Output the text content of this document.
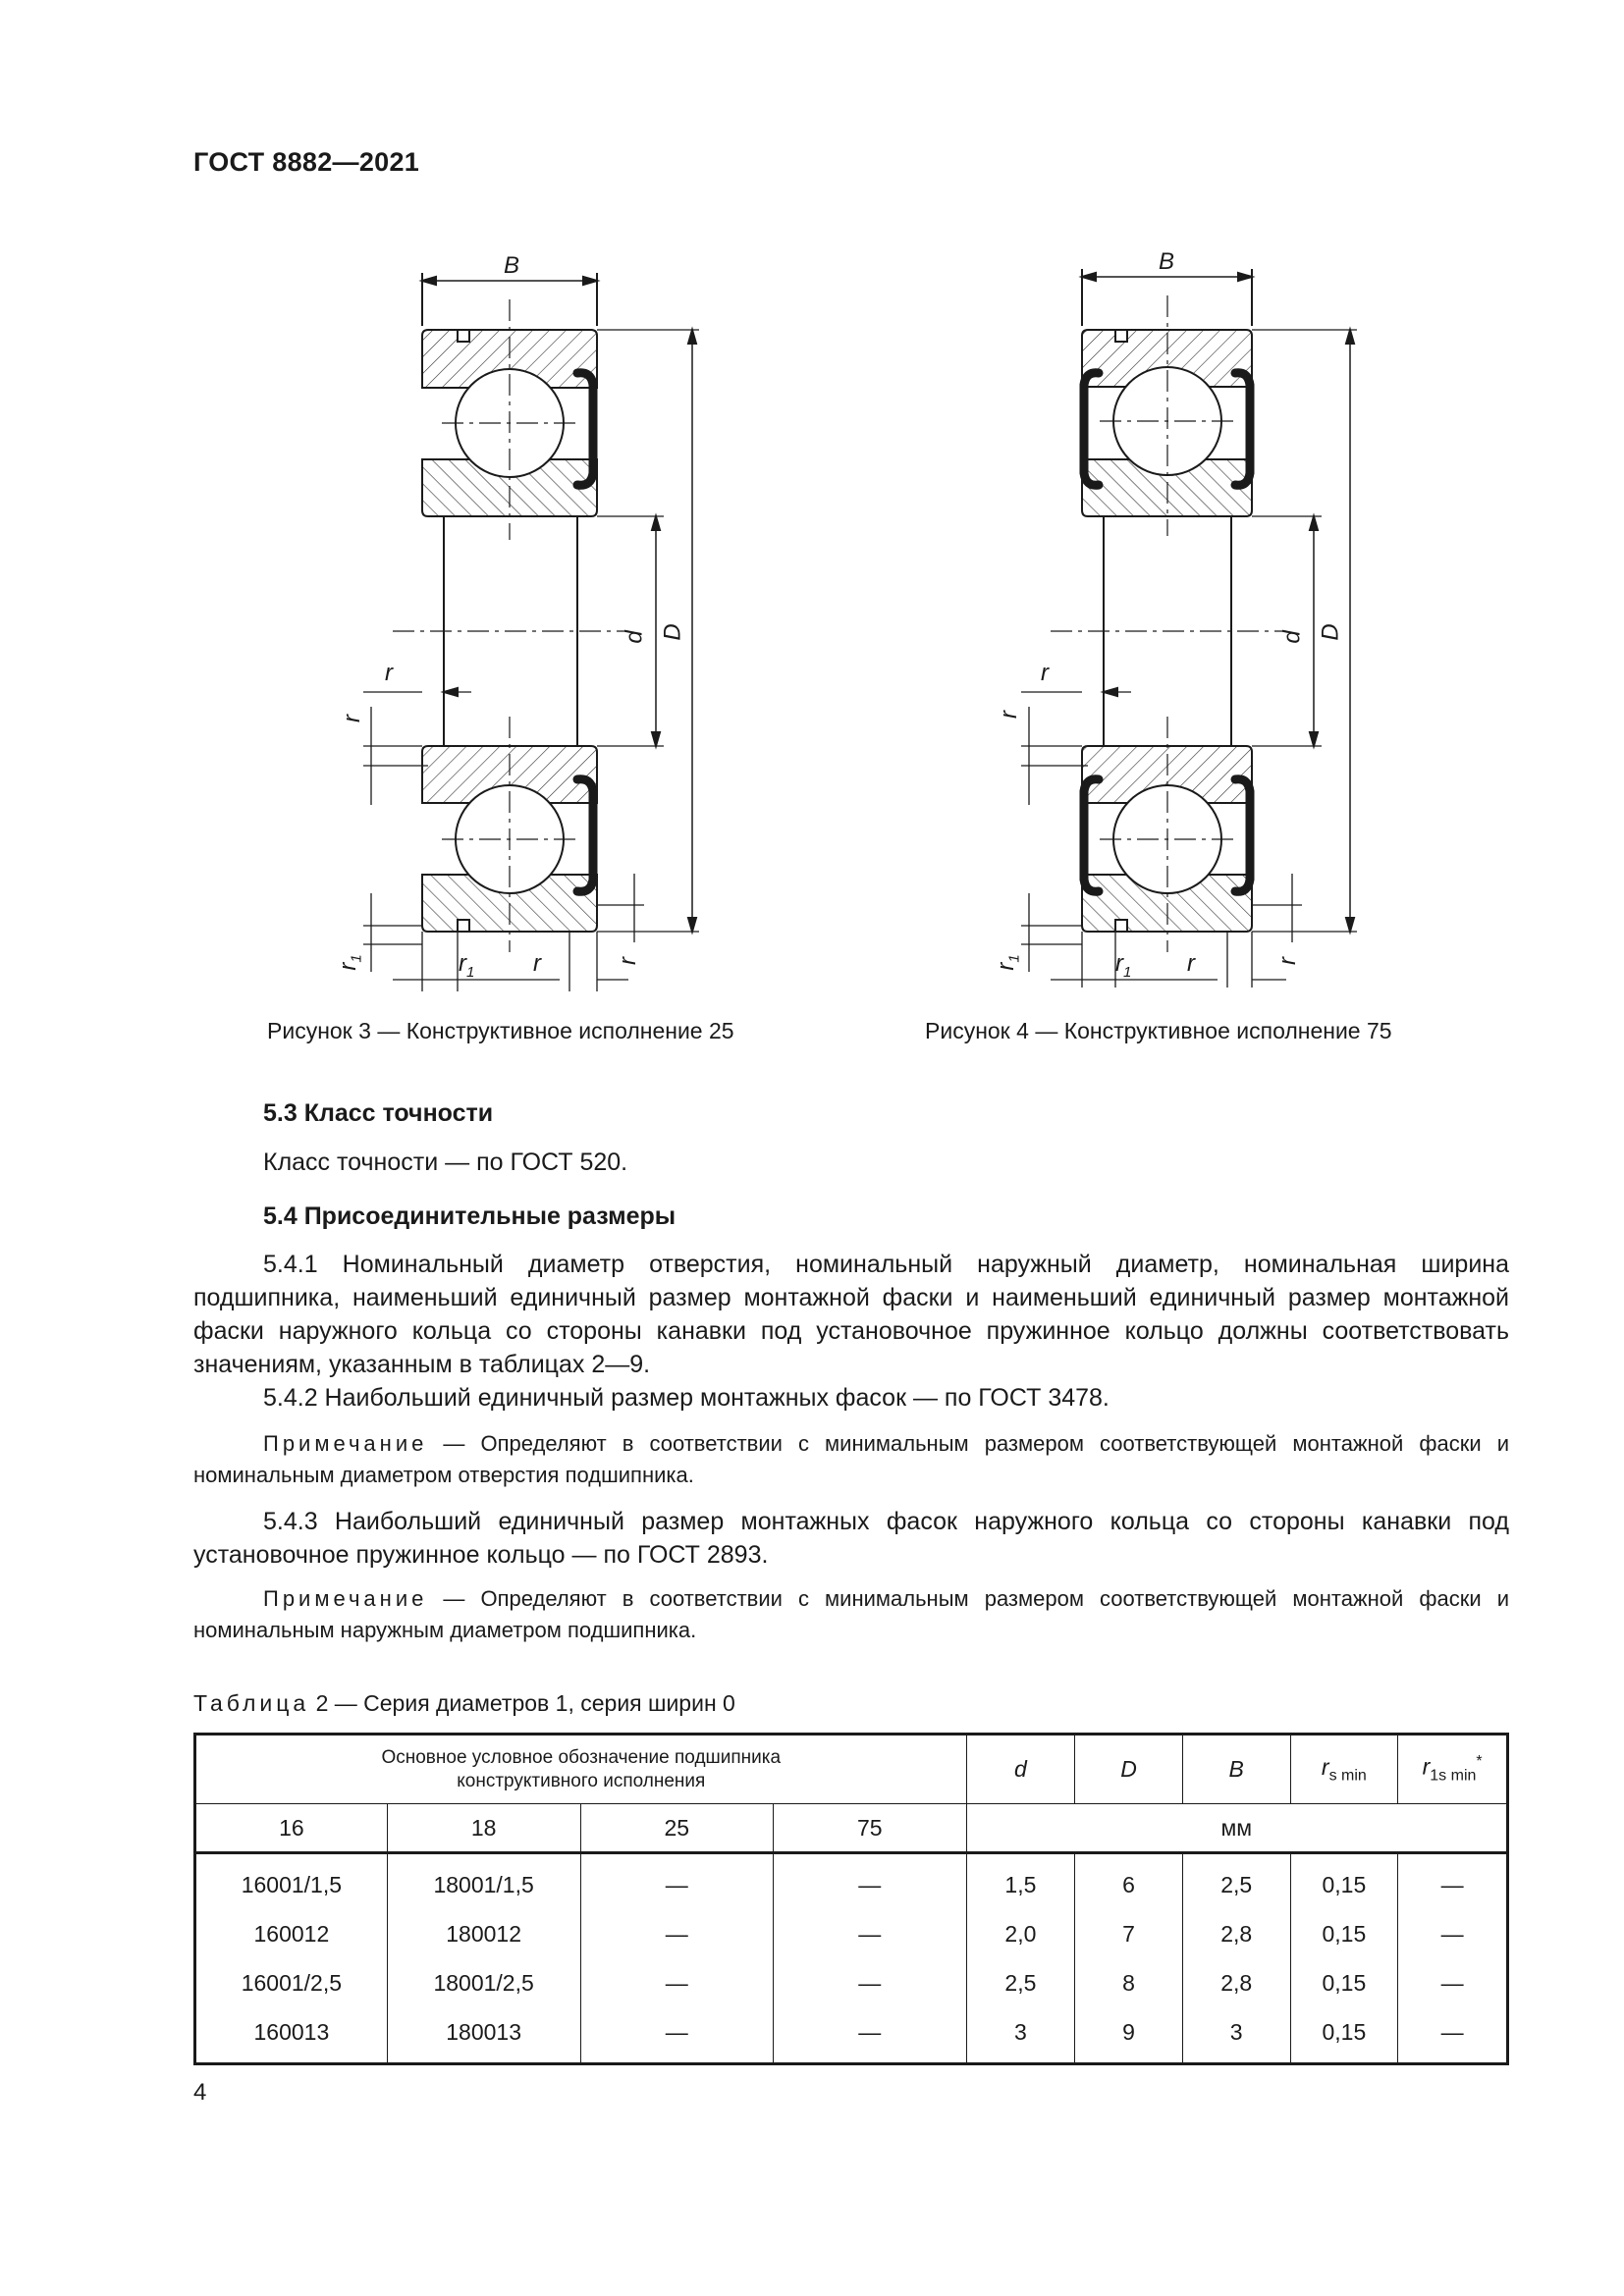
ГОСТ 8882—2021
B
D
d
r
r
$r_1$	$r_1$ r	r
Рисунок 3 — Конструктивное исполнение 25
B
D
d
r
r
$r_1$	$r_1$ r	r
Рисунок 4 — Конструктивное исполнение 75
5.3 Класс точности
Класс точности — по ГОСТ 520.
5.4 Присоединительные размеры
5.4.1 Номинальный диаметр отверстия, номинальный наружный диаметр, номинальная ширина подшипника, наименьший единичный размер монтажной фаски и наименьший единичный размер монтажной фаски наружного кольца со стороны канавки под установочное пружинное кольцо должны соответствовать значениям, указанным в таблицах 2—9.
5.4.2 Наибольший единичный размер монтажных фасок — по ГОСТ 3478.
Примечание — Определяют в соответствии с минимальным размером соответствующей монтажной фаски и номинальным диаметром отверстия подшипника.
5.4.3 Наибольший единичный размер монтажных фасок наружного кольца со стороны канавки под установочное пружинное кольцо — по ГОСТ 2893.
Примечание — Определяют в соответствии с минимальным размером соответствующей монтажной фаски и номинальным наружным диаметром подшипника.
Таблица 2 — Серия диаметров 1, серия ширин 0
Основное условное обозначение подшипника конструктивного исполнения				d	D	B	$r_{s min}$	$r_{1s min}^*$
16	18	25	75	мм				
16001/1,5	18001/1,5	—	—	1,5	6	2,5	0,15	—
160012	180012	—	—	2,0	7	2,8	0,15	—
16001/2,5	18001/2,5	—	—	2,5	8	2,8	0,15	—
160013	180013	—	—	3	9	3	0,15	—
4
